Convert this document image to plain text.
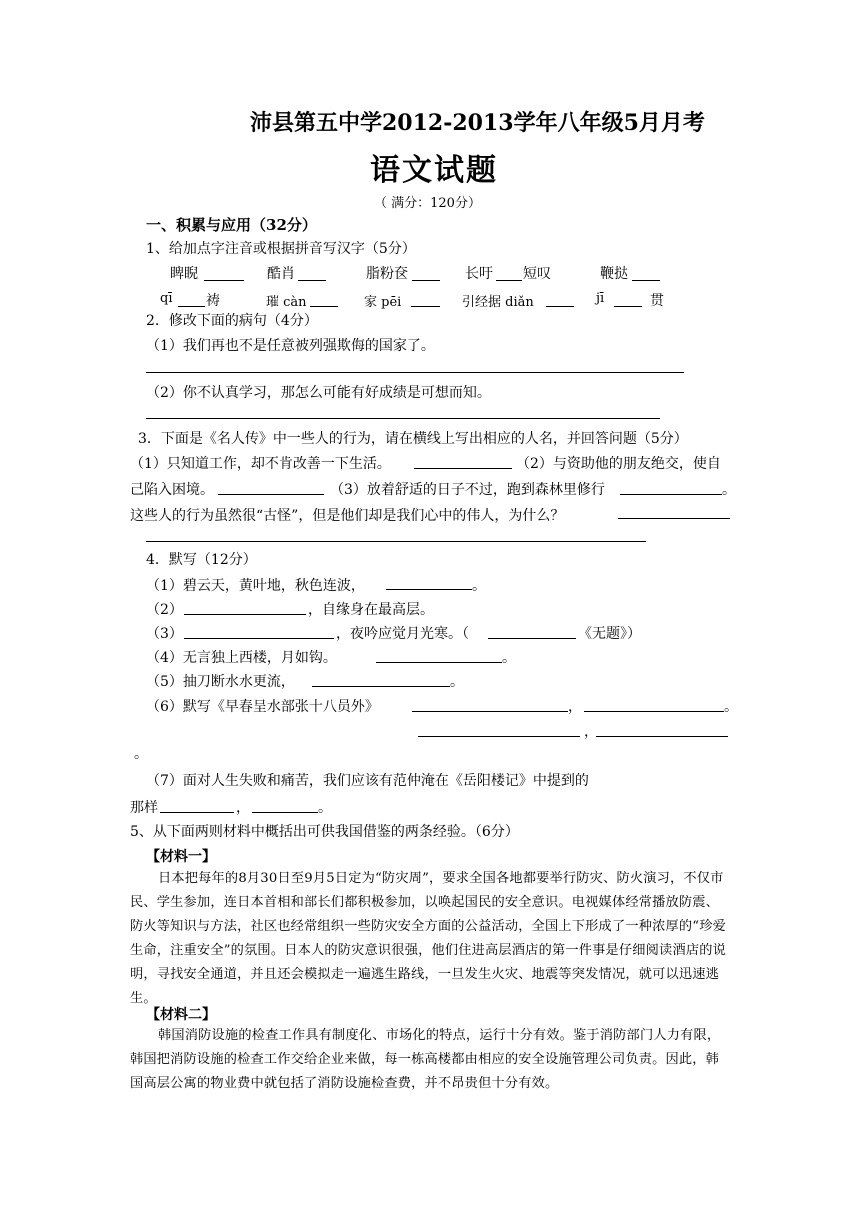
沛县第五中学2012-2013学年八年级5月月考
语文试题
（ 满分：120分）
一、积累与应用（32分）
1、给加点字注音或根据拼音写汉字（5分）
睥睨	酷肖	脂粉奁	长吁 短叹	鞭挞
qī 祷	璀 càn	家 pēi	引经据 diǎn	jī	贯
2．修改下面的病句（4分）
（1）我们再也不是任意被列强欺侮的国家了。
（2）你不认真学习，那怎么可能有好成绩是可想而知。
3．下面是《名人传》中一些人的行为，请在横线上写出相应的人名，并回答问题（5分）
（1）只知道工作，却不肯改善一下生活。	（2）与资助他的朋友绝交，使自
己陷入困境。	（3）放着舒适的日子不过，跑到森林里修行	。
这些人的行为虽然很“古怪”，但是他们却是我们心中的伟人，为什么？
4．默写（12分）
（1）碧云天，黄叶地，秋色连波，	。
（2）	，自缘身在最高层。
（3）	，夜吟应觉月光寒。（	《无题》）
（4）无言独上西楼，月如钩。	。
（5）抽刀断水水更流，	。
（6）默写《早春呈水部张十八员外》	，	。
，
。
（7）面对人生失败和痛苦，我们应该有范仲淹在《岳阳楼记》中提到的
那样	，	。
5、从下面两则材料中概括出可供我国借鉴的两条经验。（6分）
【材料一】
日本把每年的8月30日至9月5日定为“防灾周”，要求全国各地都要举行防灾、防火演习，不仅市民、学生参加，连日本首相和部长们都积极参加，以唤起国民的安全意识。电视媒体经常播放防震、防火等知识与方法，社区也经常组织一些防灾安全方面的公益活动，全国上下形成了一种浓厚的“珍爱生命，注重安全”的氛围。日本人的防灾意识很强，他们住进高层酒店的第一件事是仔细阅读酒店的说明，寻找安全通道，并且还会模拟走一遍逃生路线，一旦发生火灾、地震等突发情况，就可以迅速逃生。
【材料二】
韩国消防设施的检查工作具有制度化、市场化的特点，运行十分有效。鉴于消防部门人力有限，韩国把消防设施的检查工作交给企业来做，每一栋高楼都由相应的安全设施管理公司负责。因此，韩国高层公寓的物业费中就包括了消防设施检查费，并不昂贵但十分有效。
